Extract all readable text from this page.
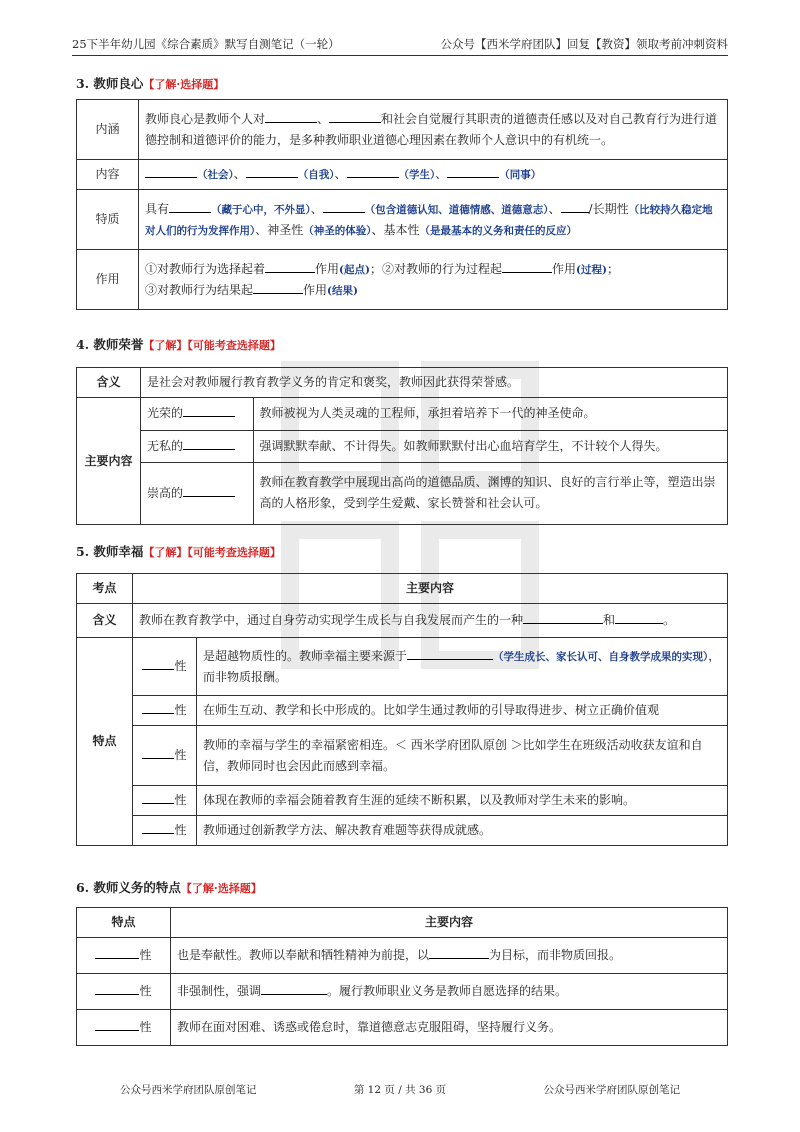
25下半年幼儿园《综合素质》默写自测笔记（一轮）	公众号【西米学府团队】回复【教资】领取考前冲刺资料
3. 教师良心【了解·选择题】
内涵	教师良心是教师个人对 、 和社会自觉履行其职责的道德责任感以及对自己教育行为进行道德控制和道德评价的能力，是多种教师职业道德心理因素在教师个人意识中的有机统一。
内容	（社会）、 （自我）、 （学生）、 （同事）
特质	具有 （藏于心中，不外显）、 （包含道德认知、道德情感、道德意志）、 /长期性（比较持久稳定地对人们的行为发挥作用）、神圣性（神圣的体验）、基本性（是最基本的义务和责任的反应）
作用	①对教师行为选择起着 作用(起点)；②对教师的行为过程起 作用(过程)；
③对教师行为结果起 作用(结果)
4. 教师荣誉【了解】【可能考查选择题】
含义	是社会对教师履行教育教学义务的肯定和褒奖，教师因此获得荣誉感。
主要内容	
光荣的	教师被视为人类灵魂的工程师，承担着培养下一代的神圣使命。
无私的	强调默默奉献、不计得失。如教师默默付出心血培育学生，不计较个人得失。
崇高的	教师在教育教学中展现出高尚的道德品质、渊博的知识、良好的言行举止等，塑造出崇高的人格形象，受到学生爱戴、家长赞誉和社会认可。
5. 教师幸福【了解】【可能考查选择题】
考点	主要内容	
含义	教师在教育教学中，通过自身劳动实现学生成长与自我发展而产生的一种 和 。	
特点	性	是超越物质性的。教师幸福主要来源于 （学生成长、家长认可、自身教学成果的实现），而非物质报酬。
	性	在师生互动、教学和长中形成的。比如学生通过教师的引导取得进步、树立正确价值观
	性	教师的幸福与学生的幸福紧密相连。＜ 西米学府团队原创 ＞比如学生在班级活动收获友谊和自信，教师同时也会因此而感到幸福。
	性	体现在教师的幸福会随着教育生涯的延续不断积累，以及教师对学生未来的影响。
	性	教师通过创新教学方法、解决教育难题等获得成就感。
6. 教师义务的特点【了解·选择题】
特点	主要内容
性	也是奉献性。教师以奉献和牺牲精神为前提，以 为目标，而非物质回报。
性	非强制性，强调 。履行教师职业义务是教师自愿选择的结果。
性	教师在面对困难、诱惑或倦怠时，靠道德意志克服阻碍，坚持履行义务。
公众号西米学府团队原创笔记	第 12 页 / 共 36 页	公众号西米学府团队原创笔记
